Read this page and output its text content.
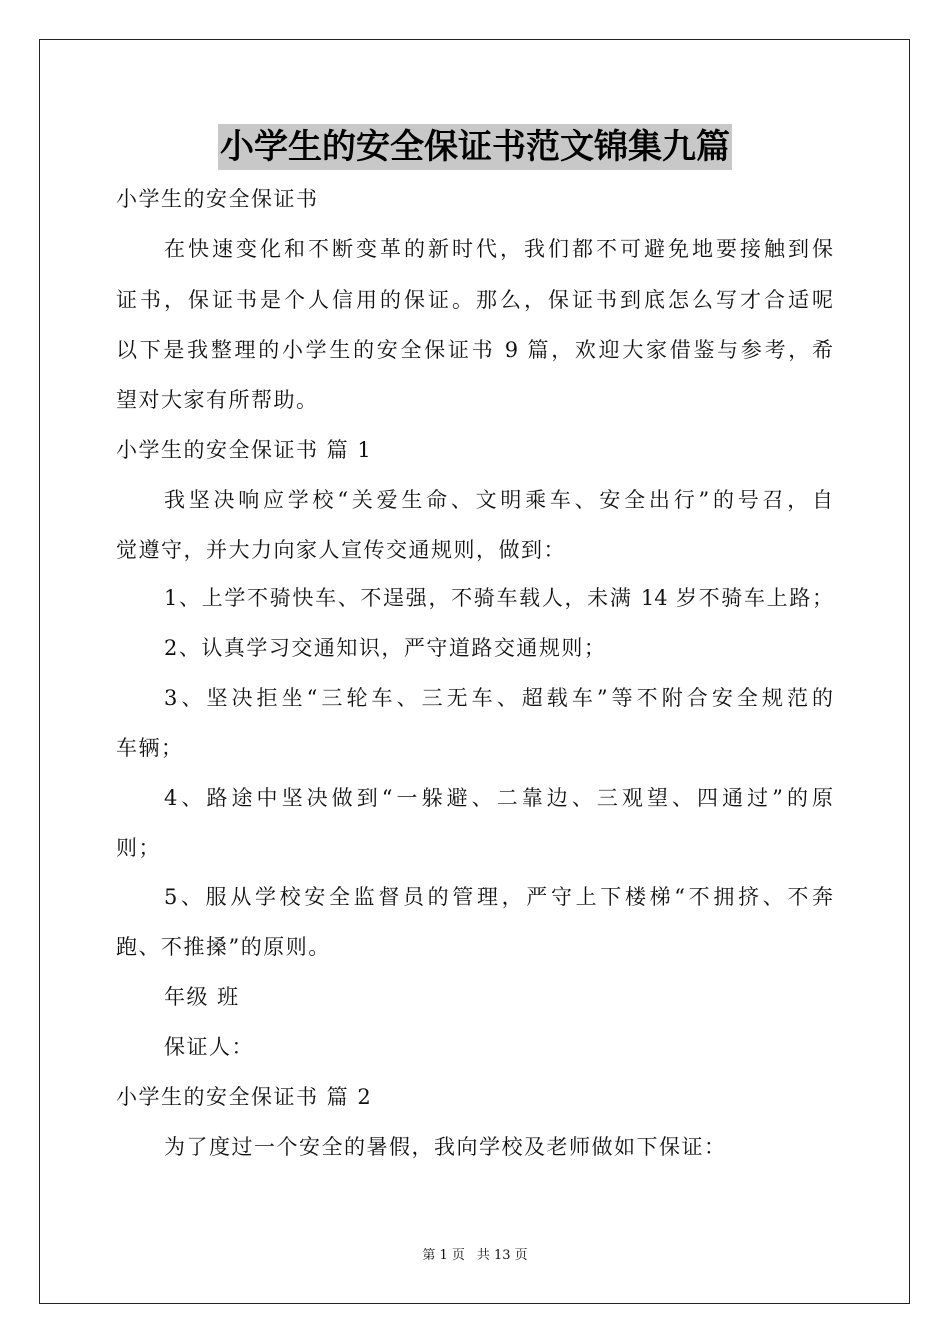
小学生的安全保证书范文锦集九篇
小学生的安全保证书
在快速变化和不断变革的新时代，我们都不可避免地要接触到保
证书，保证书是个人信用的保证。那么，保证书到底怎么写才合适呢
以下是我整理的小学生的安全保证书 9 篇，欢迎大家借鉴与参考，希
望对大家有所帮助。
小学生的安全保证书 篇 1
我坚决响应学校“关爱生命、文明乘车、安全出行”的号召，自
觉遵守，并大力向家人宣传交通规则，做到：
1、上学不骑快车、不逞强，不骑车载人，未满 14 岁不骑车上路；
2、认真学习交通知识，严守道路交通规则；
3、坚决拒坐“三轮车、三无车、超载车”等不附合安全规范的
车辆；
4、路途中坚决做到“一躲避、二靠边、三观望、四通过”的原
则；
5、服从学校安全监督员的管理，严守上下楼梯“不拥挤、不奔
跑、不推搡”的原则。
年级 班
保证人：
小学生的安全保证书 篇 2
为了度过一个安全的暑假，我向学校及老师做如下保证：
第 1 页 共 13 页
